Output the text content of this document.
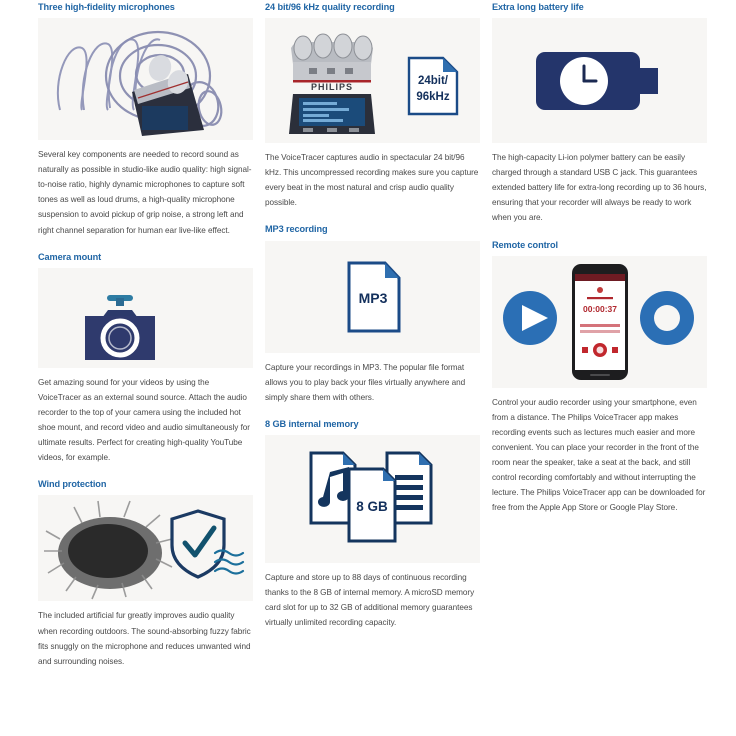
Three high-fidelity microphones

Several key components are needed to record sound as naturally as possible in studio-like audio quality: high signal-to-noise ratio, highly dynamic microphones to capture soft tones as well as loud drums, a high-quality microphone suspension to avoid pickup of grip noise, a strong left and right channel separation for human ear live-like effect.

Camera mount

Get amazing sound for your videos by using the VoiceTracer as an external sound source. Attach the audio recorder to the top of your camera using the included hot shoe mount, and record video and audio simultaneously for ultimate results. Perfect for creating high-quality YouTube videos, for example.

Wind protection

The included artificial fur greatly improves audio quality when recording outdoors. The sound-absorbing fuzzy fabric fits snuggly on the microphone and reduces unwanted wind and surrounding noises.

24 bit/96 kHz quality recording
PHILIPS	24bit/
96kHz

The VoiceTracer captures audio in spectacular 24 bit/96 kHz. This uncompressed recording makes sure you capture every beat in the most natural and crisp audio quality possible.

MP3 recording
MP3

Capture your recordings in MP3. The popular file format allows you to play back your files virtually anywhere and simply share them with others.

8 GB internal memory
8 GB

Capture and store up to 88 days of continuous recording thanks to the 8 GB of internal memory. A microSD memory card slot for up to 32 GB of additional memory guarantees virtually unlimited recording capacity.

Extra long battery life

The high-capacity Li-ion polymer battery can be easily charged through a standard USB C jack. This guarantees extended battery life for extra-long recording up to 36 hours, ensuring that your recorder will always be ready to work when you are.

Remote control
00:00:37

Control your audio recorder using your smartphone, even from a distance. The Philips VoiceTracer app makes recording events such as lectures much easier and more convenient. You can place your recorder in the front of the room near the speaker, take a seat at the back, and still control recording comfortably and without interrupting the lecture. The Philips VoiceTracer app can be downloaded for free from the Apple App Store or Google Play Store.
